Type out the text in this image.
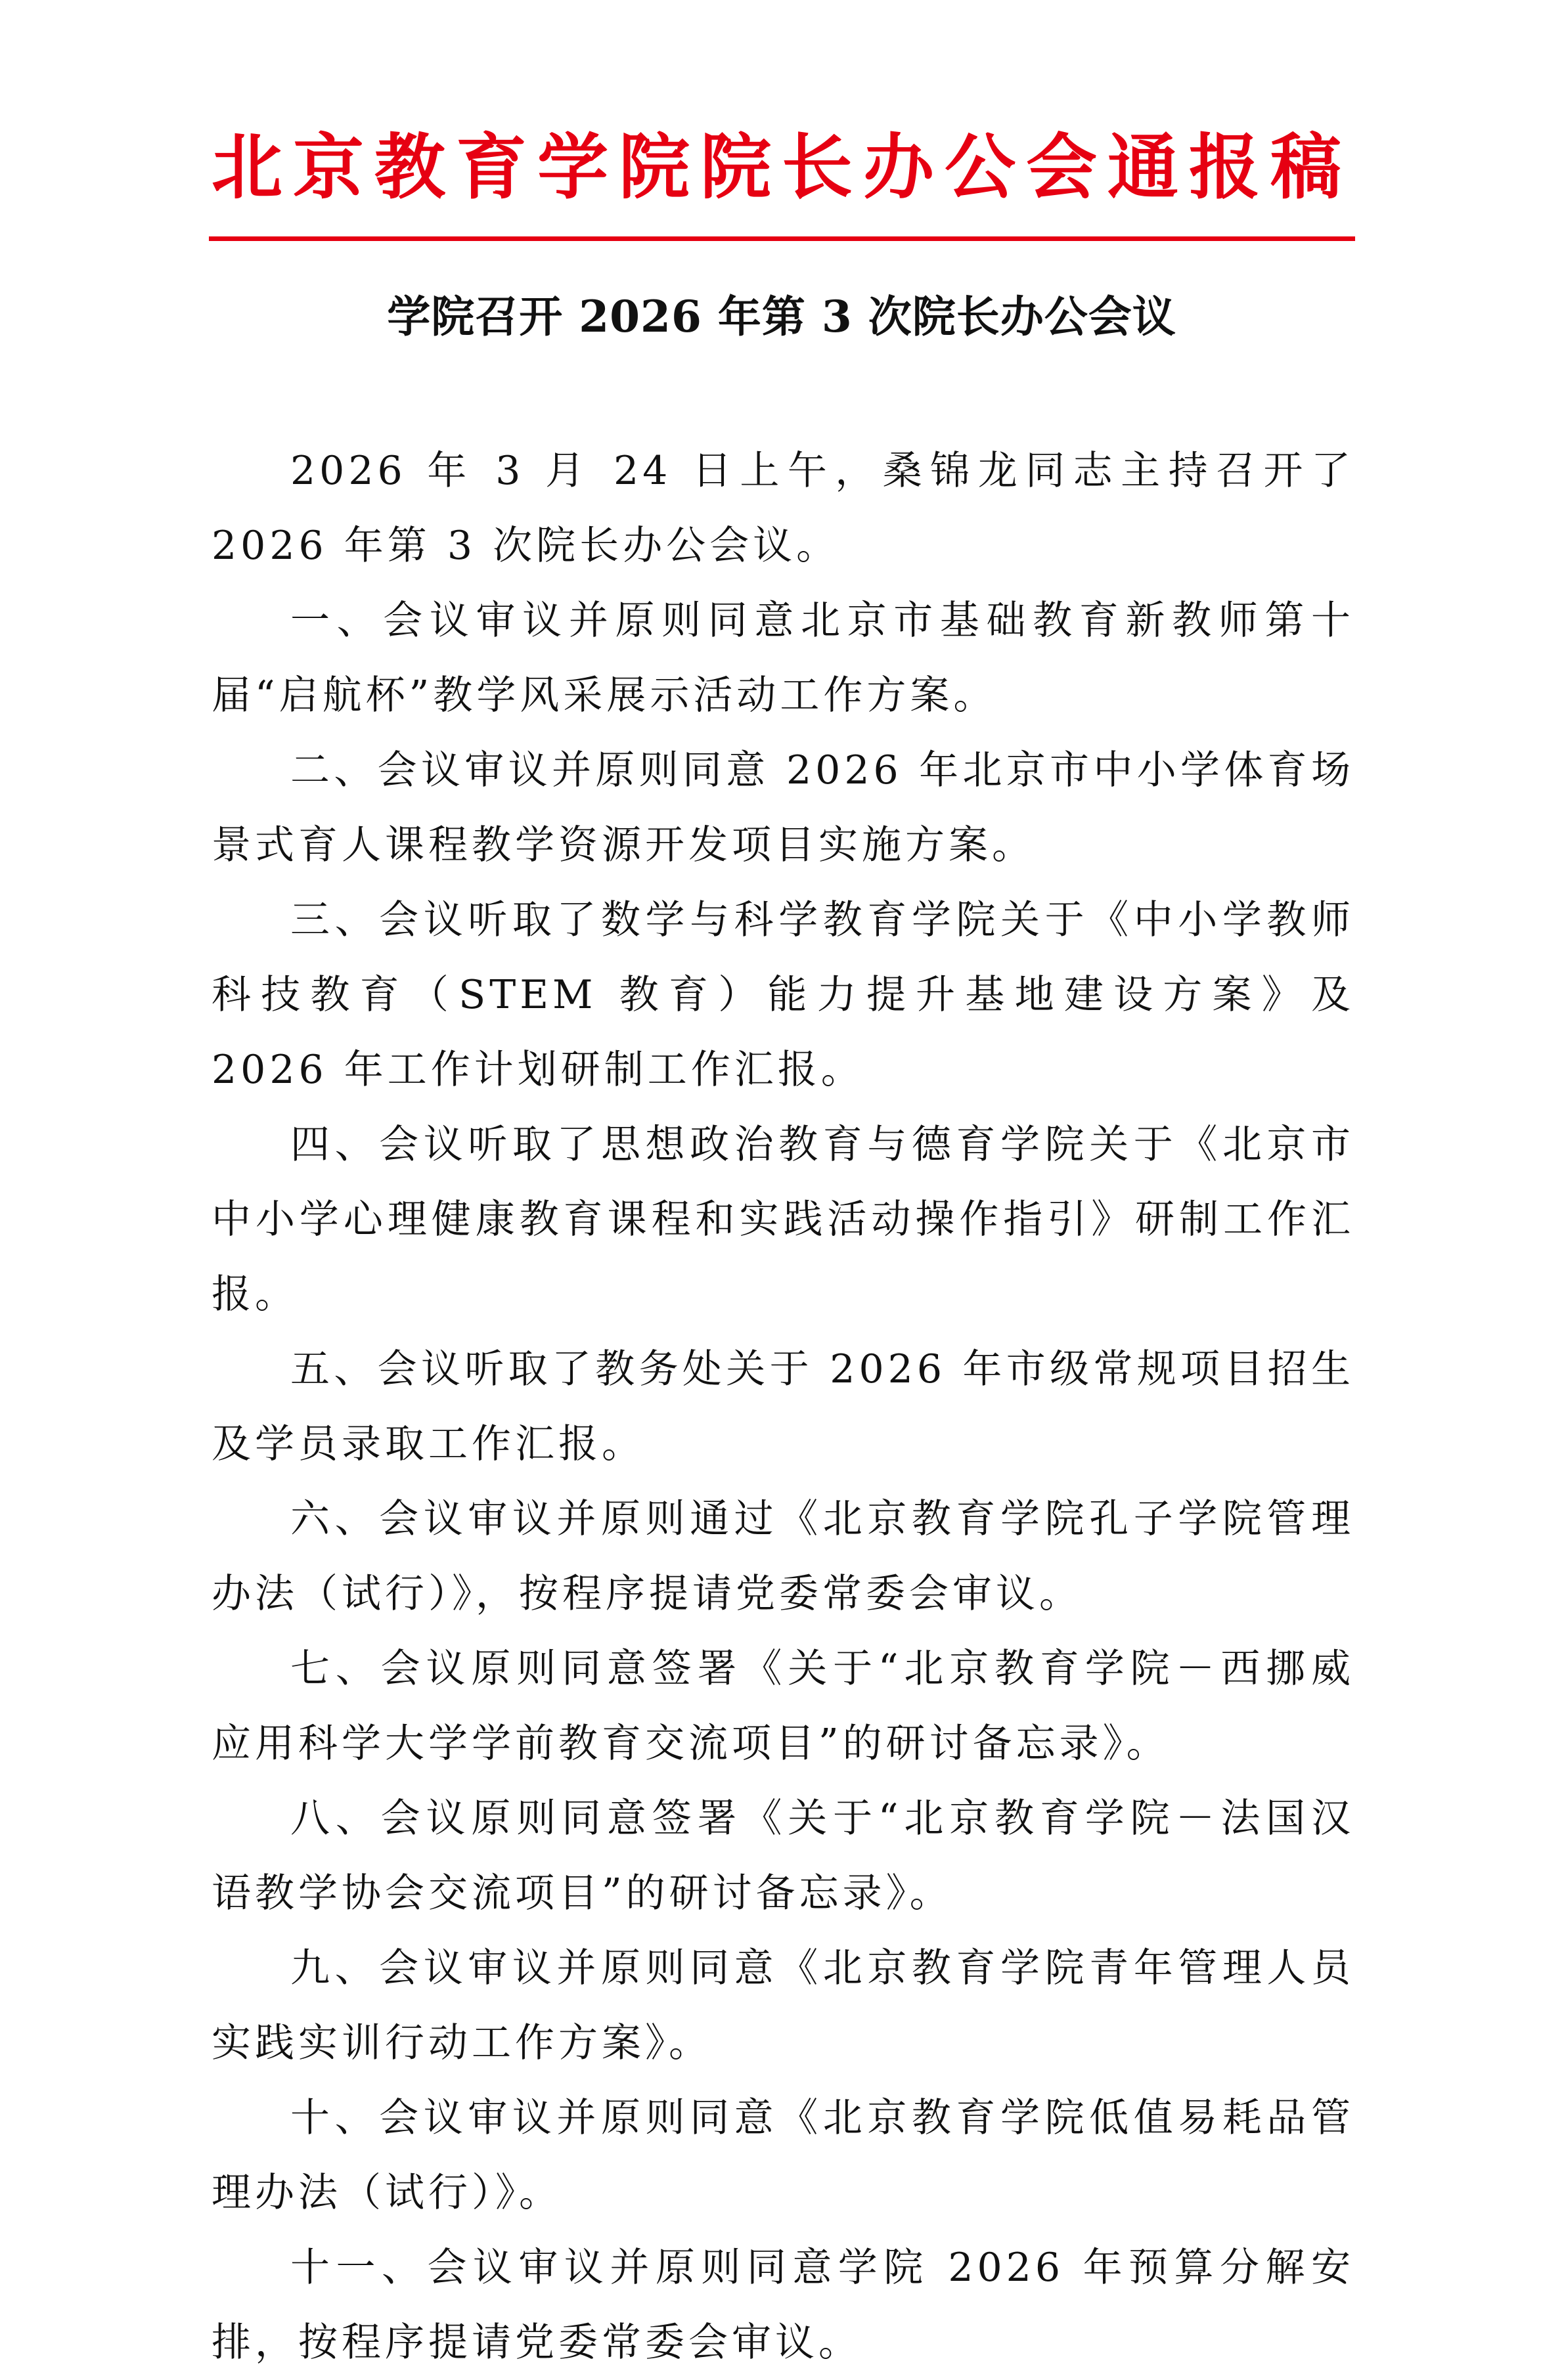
北京教育学院院长办公会通报稿
学院召开 2026 年第 3 次院长办公会议

2026 年 3 月 24 日上午，桑锦龙同志主持召开了 2026 年第 3 次院长办公会议。

一、会议审议并原则同意北京市基础教育新教师第十届“启航杯”教学风采展示活动工作方案。

二、会议审议并原则同意 2026 年北京市中小学体育场景式育人课程教学资源开发项目实施方案。

三、会议听取了数学与科学教育学院关于《中小学教师科技教育（STEM 教育）能力提升基地建设方案》及 2026 年工作计划研制工作汇报。

四、会议听取了思想政治教育与德育学院关于《北京市中小学心理健康教育课程和实践活动操作指引》研制工作汇报。

五、会议听取了教务处关于 2026 年市级常规项目招生及学员录取工作汇报。

六、会议审议并原则通过《北京教育学院孔子学院管理办法（试行）》，按程序提请党委常委会审议。

七、会议原则同意签署《关于“北京教育学院－西挪威应用科学大学学前教育交流项目”的研讨备忘录》。

八、会议原则同意签署《关于“北京教育学院－法国汉语教学协会交流项目”的研讨备忘录》。

九、会议审议并原则同意《北京教育学院青年管理人员实践实训行动工作方案》。

十、会议审议并原则同意《北京教育学院低值易耗品管理办法（试行）》。

十一、会议审议并原则同意学院 2026 年预算分解安排，按程序提请党委常委会审议。
